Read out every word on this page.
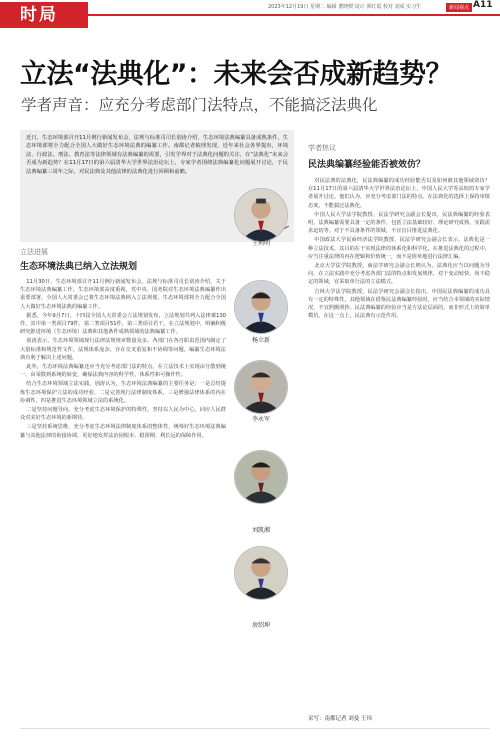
时局	2023年12月19日 星期二 编辑 董晓媛 设计 郭红霞 校对 刘成 实习生	新闻视点 A11
立法“法典化”：未来会否成新趋势？
学者声音：应充分考虑部门法特点，不能搞泛法典化
近日，生态环境部召开11月例行新闻发布会，法规与标准司司长别涛介绍，生态环境法典编纂具备成熟条件，生态环境部将全力配合全国人大做好生态环境法典的编纂工作。南都记者梳理发现，近年来社会各界提出，环境法、行政法、刑法、教育法等法律领域有法典编纂的需要，引发学界对于法典化问题的关注，在“法典化”未来会否成为新趋势？在11月17日的第六届清华大学世界法治论坛上，专家学者围绕法典编纂化问题展开讨论，于民法典编纂三周年之际，对民法典及其他法律的法典化进行回顾和前瞻。
立法进展
生态环境法典已纳入立法规划

11月30日，生态环境部召开11月例行新闻发布会。法规与标准司司长别涛介绍，关于生态环境法典编纂工作，生态环境部高度重视，党中央、国务院对生态环境法典编纂作出重要部署，全国人大常委会已将生态环境法典纳入立法规划，生态环境部将全力配合全国人大做好生态环境法典的编纂工作。

据悉，今年9月7日，十四届全国人大常委会立法规划发布，立法规划共列入法律案130件，其中第一类项目79件，第二类项目51件，第三类项目若干。在立法规划中，明确积极研究推进环境（生态环境）法典和其他条件成熟领域的法典编纂工作。

别涛表示，生态环境领域现行法律法规规章数量众多，各部门在各自职责范围内制定了大量标准和规范性文件，法规体系庞杂，存在交叉重复和不协调等问题，编纂生态环境法典有利于解决上述问题。

此外，生态环境法典编纂还应当充分考虑部门法的特点，在立法技术上实现由分散到统一、由零散到系统的转变，确保法典内容的科学性、体系性和可操作性。

结合生态环境领域立法实践，别涛认为，生态环境法典编纂的主要任务是：一是总结提炼生态环境保护立法的成功经验，二是完善现行法律制度体系，三是增强法律体系的内在协调性，四是推进生态环境领域立法的系统化。

二是坚持问题导向，充分考虑生态环境保护的特殊性，坚持以人民为中心，回应人民群众对美好生态环境的新期待。

三是坚持系统思维，充分考虑生态环境法律制度体系的整体性，统筹好生态环境法典编纂与其他法律的衔接协调，更好地发挥法治固根本、稳预期、利长远的保障作用。

王利明
杨立新
李永军
刘凯湘
房绍坤
学者热议
民法典编纂经验能否被效仿？

对民法典的法典化，民法典编纂的成功经验能否以及如何被其他领域效仿？在11月17日的第六届清华大学世界法治论坛上，中国人民大学等高校的专家学者展开讨论。他们认为，应充分考虑部门法的特点，在法典化的选择上保持审慎态度，不能搞泛法典化。

中国人民大学法学院教授、民法学研究会副会长提出，民法典编纂的经验表明，法典编纂需要具备一定的条件，包括立法基础较好、理论研究成熟、实践需求迫切等。对于不具备条件的领域，不宜盲目推进法典化。

中国政法大学民商经济法学院教授、民法学研究会副会长表示，法典化是一种立法技术，其目的在于实现法律的体系化和科学化。在推进法典化的过程中，应当注重法律的内在逻辑和价值统一，而不是简单地进行法律汇编。

北京大学法学院教授、商法学研究会副会长则认为，法典化应当以问题为导向，在立法实践中充分考虑各部门法的特点和发展规律，对于变动较快、尚不稳定的领域，宜采取单行法的立法模式。

吉林大学法学院教授、民法学研究会副会长指出，中国民法典编纂的成功具有一定的特殊性，其他领域在借鉴民法典编纂经验时，应当结合本领域的实际情况，不宜照搬照抄。民法典编纂的经验应当是方法论层面的，而非形式上的简单模仿。在这一点上，民法典有示范作用。

采写：南都记者 刘曼 王玮
